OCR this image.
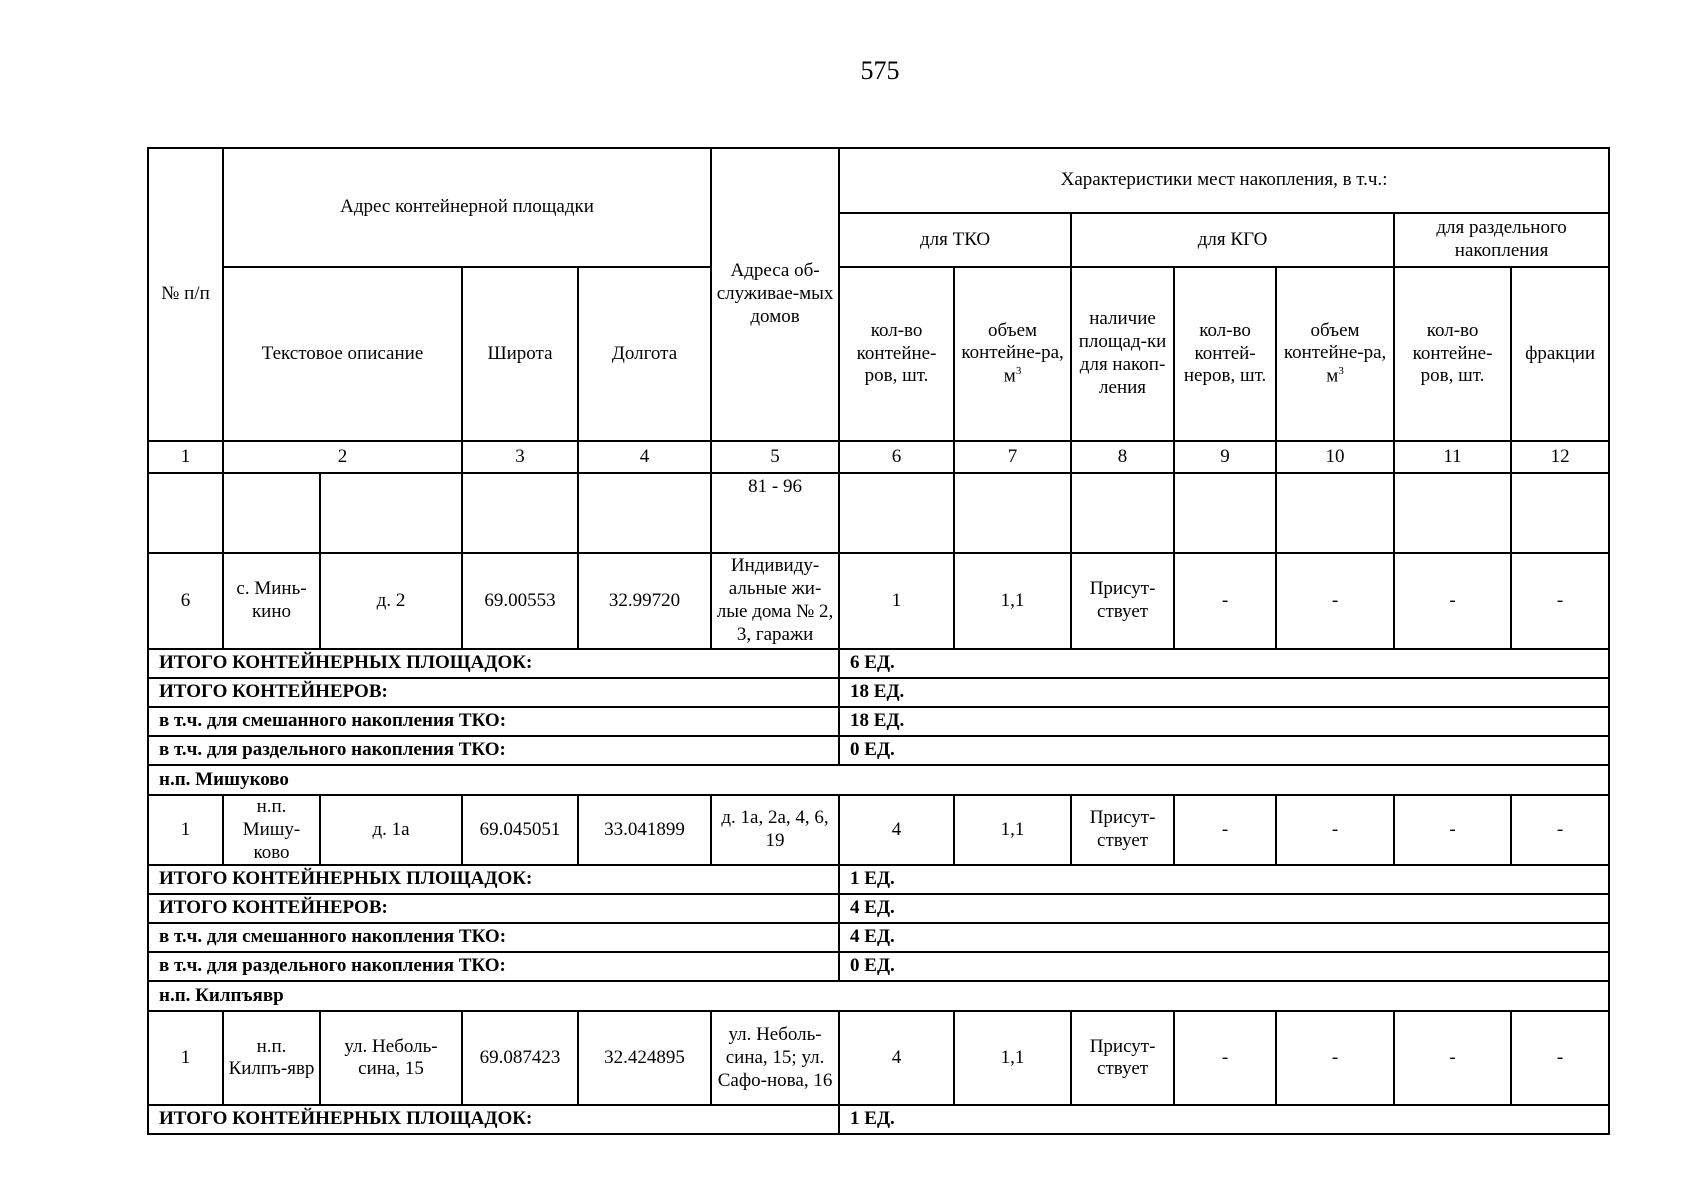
575
№ п/п	Адрес контейнерной площадки				Адреса об-служивае-мых домов	Характеристики мест накопления, в т.ч.:						
						для ТКО		для КГО			для раздельного накопления	
	Текстовое описание		Широта	Долгота		кол-во контейне-ров, шт.	объем контейне-ра, $м^3$	наличие площад-ки для накоп-ления	кол-во контей-неров, шт.	объем контейне-ра, $м^3$	кол-во контейне-ров, шт.	фракции
1	2		3	4	5	6	7	8	9	10	11	12
					81 - 96							
6	с. Минь-кино	д. 2	69.00553	32.99720	Индивиду-альные жи-лые дома № 2, 3, гаражи	1	1,1	Присут-ствует	-	-	-	-
ИТОГО КОНТЕЙНЕРНЫХ ПЛОЩАДОК:						6 ЕД.						
ИТОГО КОНТЕЙНЕРОВ:						18 ЕД.						
в т.ч. для смешанного накопления ТКО:						18 ЕД.						
в т.ч. для раздельного накопления ТКО:						0 ЕД.						
н.п. Мишуково												
1	н.п. Мишу-ково	д. 1а	69.045051	33.041899	д. 1а, 2а, 4, 6, 19	4	1,1	Присут-ствует	-	-	-	-
ИТОГО КОНТЕЙНЕРНЫХ ПЛОЩАДОК:						1 ЕД.						
ИТОГО КОНТЕЙНЕРОВ:						4 ЕД.						
в т.ч. для смешанного накопления ТКО:						4 ЕД.						
в т.ч. для раздельного накопления ТКО:						0 ЕД.						
н.п. Килпъявр												
1	н.п. Килпъ-явр	ул. Неболь-сина, 15	69.087423	32.424895	ул. Неболь-сина, 15; ул. Сафо-нова, 16	4	1,1	Присут-ствует	-	-	-	-
ИТОГО КОНТЕЙНЕРНЫХ ПЛОЩАДОК:						1 ЕД.						
